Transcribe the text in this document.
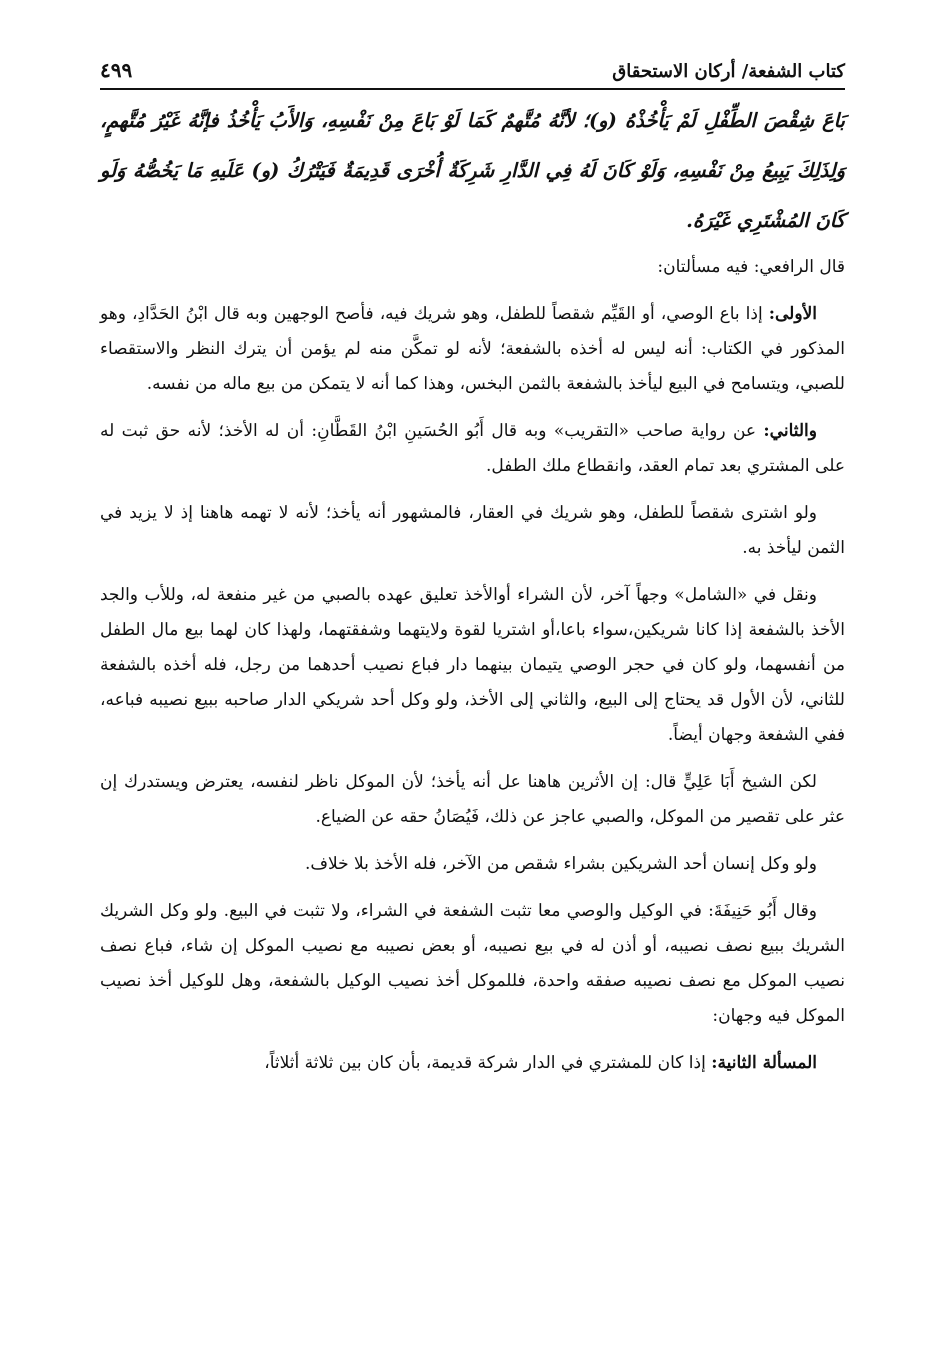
كتاب الشفعة/ أركان الاستحقاق
٤٩٩

بَاعَ شِقْصَ الطِّفْلِ لَمْ يَأْخُذْهُ (و)؛ لأنَّهُ مُتَّهمٌ كَمَا لَوْ بَاعَ مِنْ نَفْسِهِ، وَالأَبُ يَأْخُذُ فإنَّهُ غَيْرُ مُتَّهمٍ، وَلِذَلِكَ يَبِيعُ مِنْ نَفْسِهِ، وَلَوْ كَانَ لَهُ فِي الدَّارِ شَرِكَةٌ أُخْرَى قَدِيمَةٌ فَيَتْرُكُ (و) عَلَيهِ مَا يَخُصُّهُ وَلَو كَانَ المُشْتَرِي غَيْرَهُ.

قال الرافعي: فيه مسألتان:

الأولى: إذا باع الوصي، أو القَيِّم شقصاً للطفل، وهو شريك فيه، فأصح الوجهين وبه قال ابْنُ الحَدَّادِ، وهو المذكور في الكتاب: أنه ليس له أخذه بالشفعة؛ لأنه لو تمكَّن منه لم يؤمن أن يترك النظر والاستقصاء للصبي، ويتسامح في البيع ليأخذ بالشفعة بالثمن البخس، وهذا كما أنه لا يتمكن من بيع ماله من نفسه.

والثاني: عن رواية صاحب «التقريب» وبه قال أَبُو الحُسَينِ ابْنُ القَطَّانِ: أن له الأخذ؛ لأنه حق ثبت له على المشتري بعد تمام العقد، وانقطاع ملك الطفل.

ولو اشترى شقصاً للطفل، وهو شريك في العقار، فالمشهور أنه يأخذ؛ لأنه لا تهمه هاهنا إذ لا يزيد في الثمن ليأخذ به.

ونقل في «الشامل» وجهاً آخر، لأن الشراء أوالأخذ تعليق عهده بالصبي من غير منفعة له، وللأب والجد الأخذ بالشفعة إذا كانا شريكين،سواء باعا،أو اشتريا لقوة ولايتهما وشفقتهما، ولهذا كان لهما بيع مال الطفل من أنفسهما، ولو كان في حجر الوصي يتيمان بينهما دار فباع نصيب أحدهما من رجل، فله أخذه بالشفعة للثاني، لأن الأول قد يحتاج إلى البيع، والثاني إلى الأخذ، ولو وكل أحد شريكي الدار صاحبه ببيع نصيبه فباعه، ففي الشفعة وجهان أيضاً.

لكن الشيخ أَبَا عَلِيٍّ قال: إن الأثرين هاهنا عل أنه يأخذ؛ لأن الموكل ناظر لنفسه، يعترض ويستدرك إن عثر على تقصير من الموكل، والصبي عاجز عن ذلك، فَيُصَانُ حقه عن الضياع.

ولو وكل إنسان أحد الشريكين بشراء شقص من الآخر، فله الأخذ بلا خلاف.

وقال أَبُو حَنِيفَةَ: في الوكيل والوصي معا تثبت الشفعة في الشراء، ولا تثبت في البيع. ولو وكل الشريك الشريك ببيع نصف نصيبه، أو أذن له في بيع نصيبه، أو بعض نصيبه مع نصيب الموكل إن شاء، فباع نصف نصيب الموكل مع نصف نصيبه صفقه واحدة، فللموكل أخذ نصيب الوكيل بالشفعة، وهل للوكيل أخذ نصيب الموكل فيه وجهان:

المسألة الثانية: إذا كان للمشتري في الدار شركة قديمة، بأن كان بين ثلاثة أثلاثاً،
